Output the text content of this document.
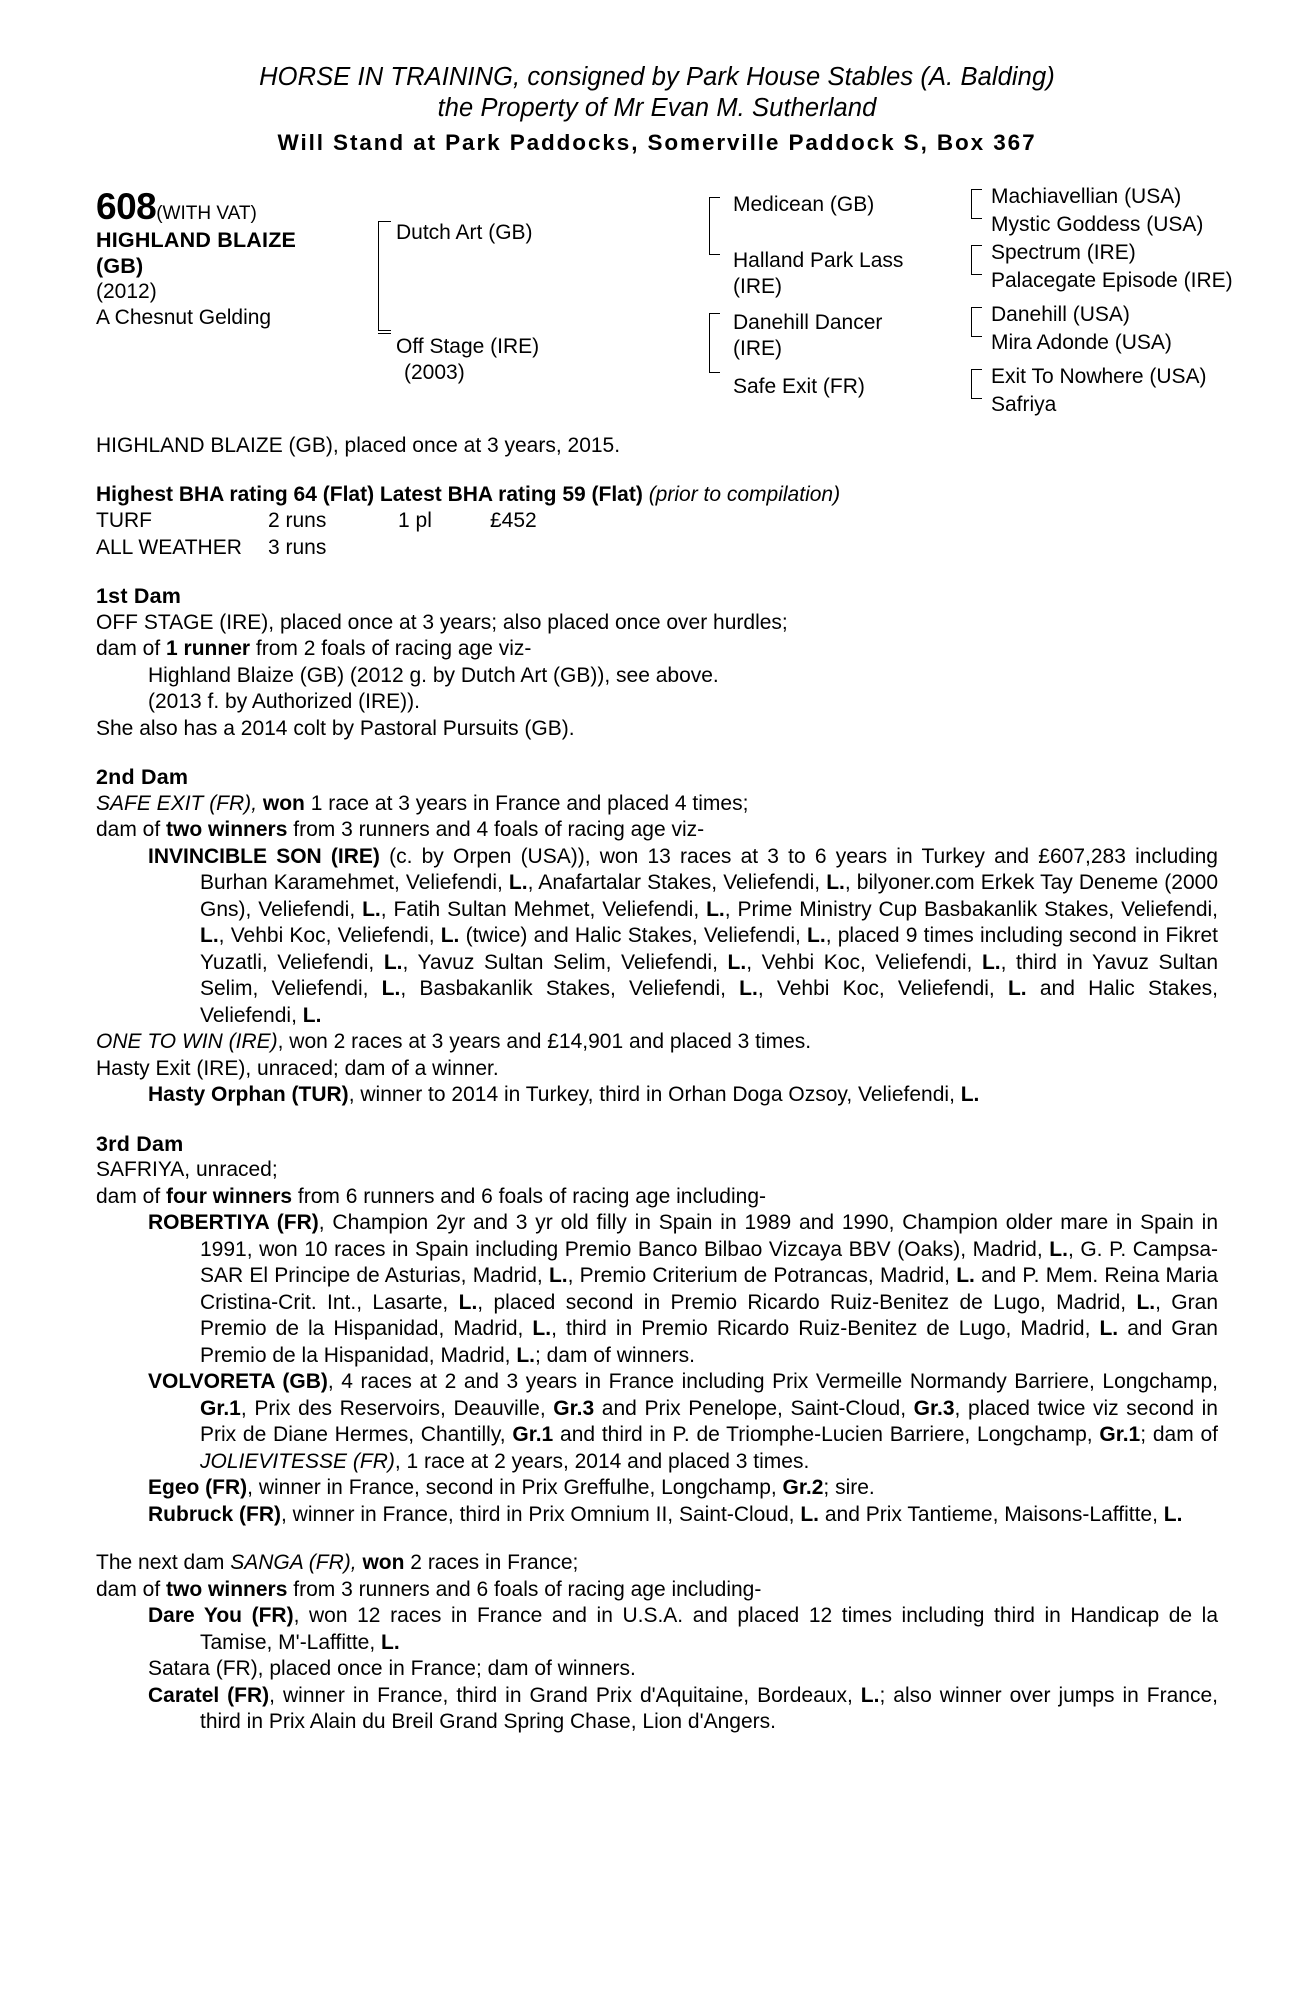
HORSE IN TRAINING, consigned by Park House Stables (A. Balding)
the Property of Mr Evan M. Sutherland
Will Stand at Park Paddocks, Somerville Paddock S, Box 367
608(WITH VAT)
HIGHLAND BLAIZE
(GB)
(2012)
A Chesnut Gelding
Dutch Art (GB)
Off Stage (IRE)
(2003)
Medicean (GB)
Halland Park Lass
(IRE)
Danehill Dancer
(IRE)
Safe Exit (FR)
Machiavellian (USA)
Mystic Goddess (USA)
Spectrum (IRE)
Palacegate Episode (IRE)
Danehill (USA)
Mira Adonde (USA)
Exit To Nowhere (USA)
Safriya
HIGHLAND BLAIZE (GB), placed once at 3 years, 2015.
Highest BHA rating 64 (Flat) Latest BHA rating 59 (Flat) (prior to compilation)
TURF	2 runs	1 pl	£452
ALL WEATHER 3 runs
1st Dam
OFF STAGE (IRE), placed once at 3 years; also placed once over hurdles;
dam of 1 runner from 2 foals of racing age viz-
Highland Blaize (GB) (2012 g. by Dutch Art (GB)), see above.
(2013 f. by Authorized (IRE)).
She also has a 2014 colt by Pastoral Pursuits (GB).
2nd Dam
SAFE EXIT (FR), won 1 race at 3 years in France and placed 4 times;
dam of two winners from 3 runners and 4 foals of racing age viz-
INVINCIBLE SON (IRE) (c. by Orpen (USA)), won 13 races at 3 to 6 years in Turkey and £607,283 including Burhan Karamehmet, Veliefendi, L., Anafartalar Stakes, Veliefendi, L., bilyoner.com Erkek Tay Deneme (2000 Gns), Veliefendi, L., Fatih Sultan Mehmet, Veliefendi, L., Prime Ministry Cup Basbakanlik Stakes, Veliefendi, L., Vehbi Koc, Veliefendi, L. (twice) and Halic Stakes, Veliefendi, L., placed 9 times including second in Fikret Yuzatli, Veliefendi, L., Yavuz Sultan Selim, Veliefendi, L., Vehbi Koc, Veliefendi, L., third in Yavuz Sultan Selim, Veliefendi, L., Basbakanlik Stakes, Veliefendi, L., Vehbi Koc, Veliefendi, L. and Halic Stakes, Veliefendi, L.
ONE TO WIN (IRE), won 2 races at 3 years and £14,901 and placed 3 times.
Hasty Exit (IRE), unraced; dam of a winner.
Hasty Orphan (TUR), winner to 2014 in Turkey, third in Orhan Doga Ozsoy, Veliefendi, L.
3rd Dam
SAFRIYA, unraced;
dam of four winners from 6 runners and 6 foals of racing age including-
ROBERTIYA (FR), Champion 2yr and 3 yr old filly in Spain in 1989 and 1990, Champion older mare in Spain in 1991, won 10 races in Spain including Premio Banco Bilbao Vizcaya BBV (Oaks), Madrid, L., G. P. Campsa-SAR El Principe de Asturias, Madrid, L., Premio Criterium de Potrancas, Madrid, L. and P. Mem. Reina Maria Cristina-Crit. Int., Lasarte, L., placed second in Premio Ricardo Ruiz-Benitez de Lugo, Madrid, L., Gran Premio de la Hispanidad, Madrid, L., third in Premio Ricardo Ruiz-Benitez de Lugo, Madrid, L. and Gran Premio de la Hispanidad, Madrid, L.; dam of winners.
VOLVORETA (GB), 4 races at 2 and 3 years in France including Prix Vermeille Normandy Barriere, Longchamp, Gr.1, Prix des Reservoirs, Deauville, Gr.3 and Prix Penelope, Saint-Cloud, Gr.3, placed twice viz second in Prix de Diane Hermes, Chantilly, Gr.1 and third in P. de Triomphe-Lucien Barriere, Longchamp, Gr.1; dam of JOLIEVITESSE (FR), 1 race at 2 years, 2014 and placed 3 times.
Egeo (FR), winner in France, second in Prix Greffulhe, Longchamp, Gr.2; sire.
Rubruck (FR), winner in France, third in Prix Omnium II, Saint-Cloud, L. and Prix Tantieme, Maisons-Laffitte, L.
The next dam SANGA (FR), won 2 races in France;
dam of two winners from 3 runners and 6 foals of racing age including-
Dare You (FR), won 12 races in France and in U.S.A. and placed 12 times including third in Handicap de la Tamise, M'-Laffitte, L.
Satara (FR), placed once in France; dam of winners.
Caratel (FR), winner in France, third in Grand Prix d'Aquitaine, Bordeaux, L.; also winner over jumps in France, third in Prix Alain du Breil Grand Spring Chase, Lion d'Angers.
